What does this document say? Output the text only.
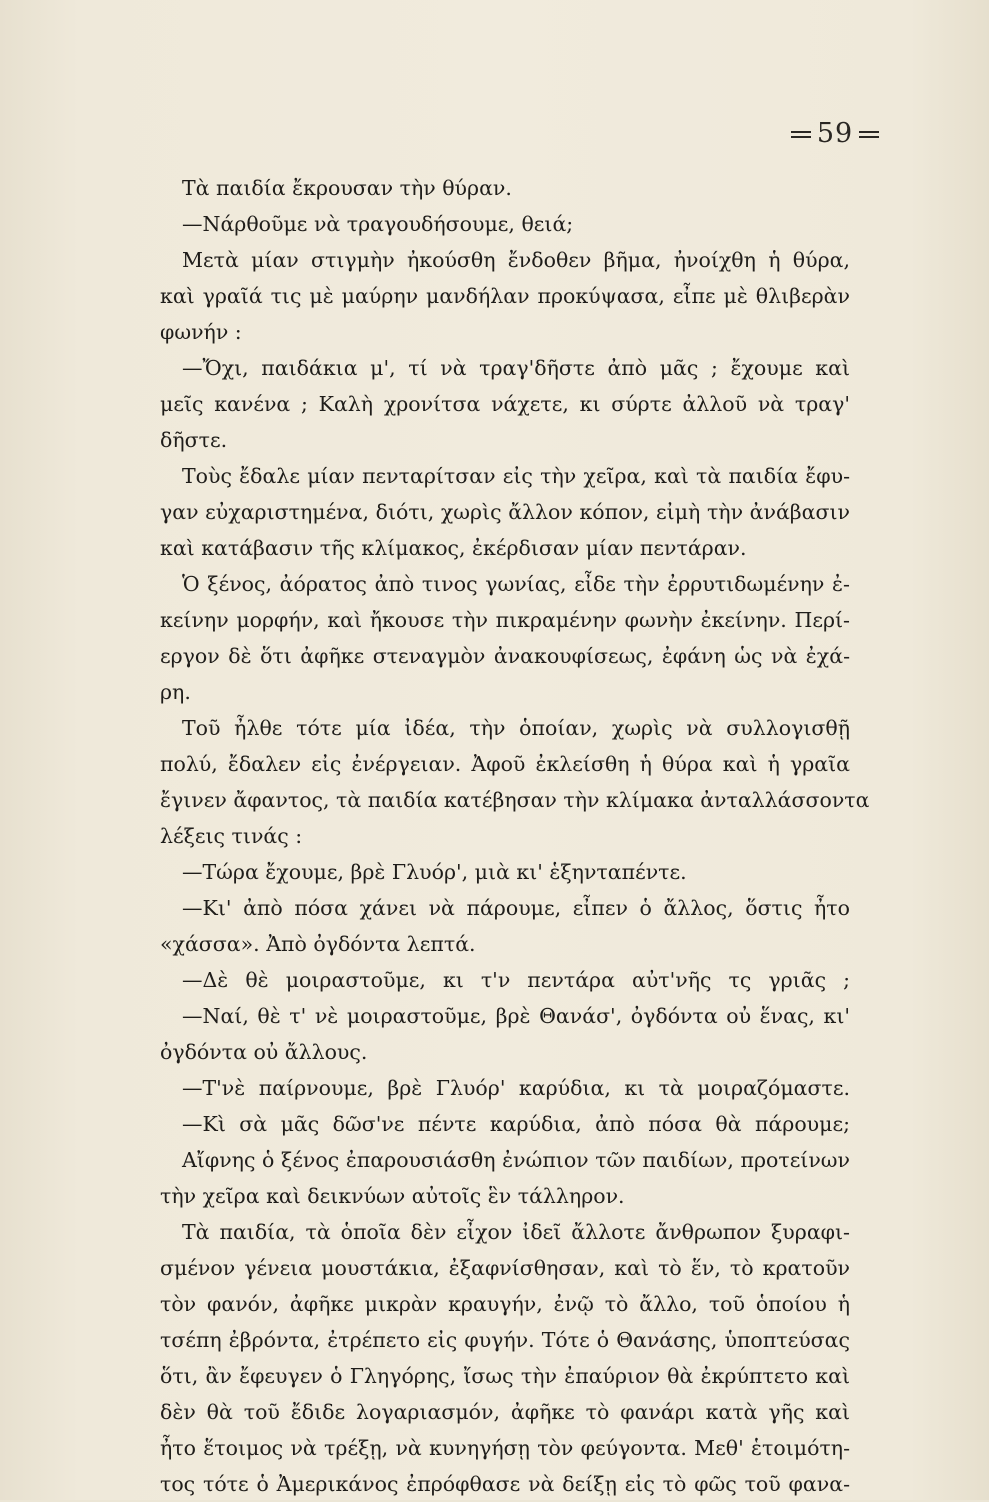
59
Τὰ παιδία ἔκρουσαν τὴν θύραν.
—Νάρθοῦμε νὰ τραγουδήσουμε, θειά;
Μετὰ μίαν στιγμὴν ἠκούσθη ἔνδοθεν βῆμα, ἠνοίχθη ἡ θύρα,
καὶ γραῖά τις μὲ μαύρην μανδήλαν προκύψασα, εἶπε μὲ θλιβερὰν
φωνήν :
—Ὄχι, παιδάκια μ', τί νὰ τραγ'δῆστε ἀπὸ μᾶς ; ἔχουμε καὶ
μεῖς κανένα ; Καλὴ χρονίτσα νάχετε, κι σύρτε ἀλλοῦ νὰ τραγ'
δῆστε.
Τοὺς ἔδαλε μίαν πενταρίτσαν εἰς τὴν χεῖρα, καὶ τὰ παιδία ἔφυ-
γαν εὐχαριστημένα, διότι, χωρὶς ἄλλον κόπον, εἰμὴ τὴν ἀνάβασιν
καὶ κατάβασιν τῆς κλίμακος, ἐκέρδισαν μίαν πεντάραν.
Ὁ ξένος, ἀόρατος ἀπὸ τινος γωνίας, εἶδε τὴν ἐρρυτιδωμένην ἐ-
κείνην μορφήν, καὶ ἤκουσε τὴν πικραμένην φωνὴν ἐκείνην. Περί-
εργον δὲ ὅτι ἀφῆκε στεναγμὸν ἀνακουφίσεως, ἐφάνη ὡς νὰ ἐχά-
ρη.
Τοῦ ἦλθε τότε μία ἰδέα, τὴν ὁποίαν, χωρὶς νὰ συλλογισθῇ
πολύ, ἔδαλεν εἰς ἐνέργειαν. Ἀφοῦ ἐκλείσθη ἡ θύρα καὶ ἡ γραῖα
ἔγινεν ἄφαντος, τὰ παιδία κατέβησαν τὴν κλίμακα ἀνταλλάσσοντα
λέξεις τινάς :
—Τώρα ἔχουμε, βρὲ Γλυόρ', μιὰ κι' ἑξηνταπέντε.
—Κι' ἀπὸ πόσα χάνει νὰ πάρουμε, εἶπεν ὁ ἄλλος, ὅστις ἦτο
«χάσσα». Ἀπὸ ὀγδόντα λεπτά.
—Δὲ θὲ μοιραστοῦμε, κι τ'ν πεντάρα αὐτ'νῆς τς γριᾶς ;
—Ναί, θὲ τ' νὲ μοιραστοῦμε, βρὲ Θανάσ', ὀγδόντα οὐ ἕνας, κι'
ὀγδόντα οὐ ἄλλους.
—Τ'νὲ παίρνουμε, βρὲ Γλυόρ' καρύδια, κι τὰ μοιραζόμαστε.
—Κὶ σὰ μᾶς δῶσ'νε πέντε καρύδια, ἀπὸ πόσα θὰ πάρουμε;
Αἴφνης ὁ ξένος ἐπαρουσιάσθη ἐνώπιον τῶν παιδίων, προτείνων
τὴν χεῖρα καὶ δεικνύων αὐτοῖς ἓν τάλληρον.
Τὰ παιδία, τὰ ὁποῖα δὲν εἶχον ἰδεῖ ἄλλοτε ἄνθρωπον ξυραφι-
σμένον γένεια μουστάκια, ἐξαφνίσθησαν, καὶ τὸ ἕν, τὸ κρατοῦν
τὸν φανόν, ἀφῆκε μικρὰν κραυγήν, ἐνῷ τὸ ἄλλο, τοῦ ὁποίου ἡ
τσέπη ἐβρόντα, ἐτρέπετο εἰς φυγήν. Τότε ὁ Θανάσης, ὑποπτεύσας
ὅτι, ἂν ἔφευγεν ὁ Γληγόρης, ἴσως τὴν ἐπαύριον θὰ ἐκρύπτετο καὶ
δὲν θὰ τοῦ ἔδιδε λογαριασμόν, ἀφῆκε τὸ φανάρι κατὰ γῆς καὶ
ἦτο ἕτοιμος νὰ τρέξῃ, νὰ κυνηγήσῃ τὸν φεύγοντα. Μεθ' ἑτοιμότη-
τος τότε ὁ Ἀμερικάνος ἐπρόφθασε νὰ δείξῃ εἰς τὸ φῶς τοῦ φανα-
